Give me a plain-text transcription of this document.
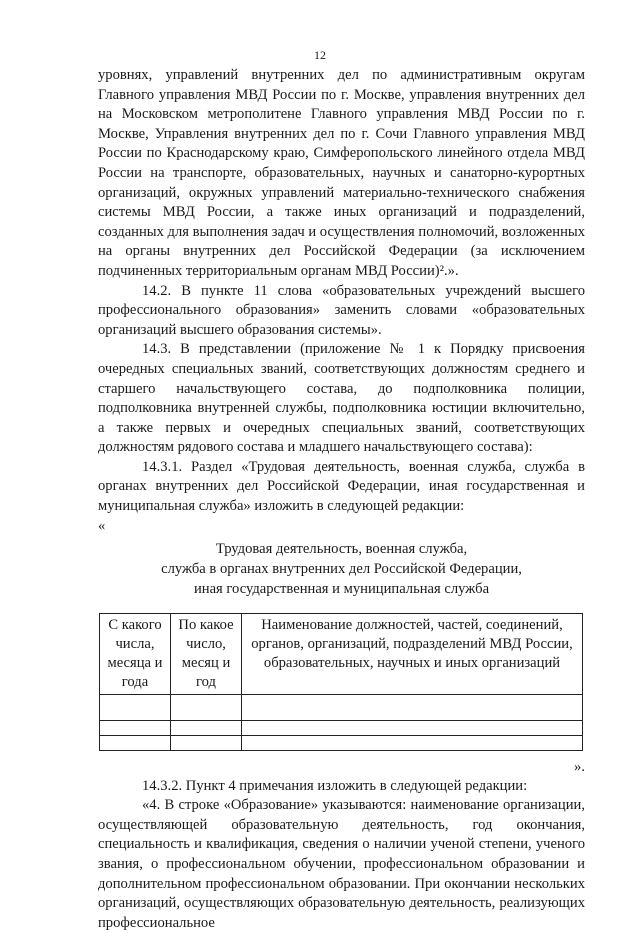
12

уровнях, управлений внутренних дел по административным округам Главного управления МВД России по г. Москве, управления внутренних дел на Московском метрополитене Главного управления МВД России по г. Москве, Управления внутренних дел по г. Сочи Главного управления МВД России по Краснодарскому краю, Симферопольского линейного отдела МВД России на транспорте, образовательных, научных и санаторно-курортных организаций, окружных управлений материально-технического снабжения системы МВД России, а также иных организаций и подразделений, созданных для выполнения задач и осуществления полномочий, возложенных на органы внутренних дел Российской Федерации (за исключением подчиненных территориальным органам МВД России)².».

14.2. В пункте 11 слова «образовательных учреждений высшего профессионального образования» заменить словами «образовательных организаций высшего образования системы».

14.3. В представлении (приложение № 1 к Порядку присвоения очередных специальных званий, соответствующих должностям среднего и старшего начальствующего состава, до подполковника полиции, подполковника внутренней службы, подполковника юстиции включительно, а также первых и очередных специальных званий, соответствующих должностям рядового состава и младшего начальствующего состава):

14.3.1. Раздел «Трудовая деятельность, военная служба, служба в органах внутренних дел Российской Федерации, иная государственная и муниципальная служба» изложить в следующей редакции:

«

Трудовая деятельность, военная служба,
служба в органах внутренних дел Российской Федерации,
иная государственная и муниципальная служба
С какого числа, месяца и года	По какое число, месяц и год	Наименование должностей, частей, соединений, органов, организаций, подразделений МВД России, образовательных, научных и иных организаций

».

14.3.2. Пункт 4 примечания изложить в следующей редакции:

«4. В строке «Образование» указываются: наименование организации, осуществляющей образовательную деятельность, год окончания, специальность и квалификация, сведения о наличии ученой степени, ученого звания, о профессиональном обучении, профессиональном образовании и дополнительном профессиональном образовании. При окончании нескольких организаций, осуществляющих образовательную деятельность, реализующих профессиональное
